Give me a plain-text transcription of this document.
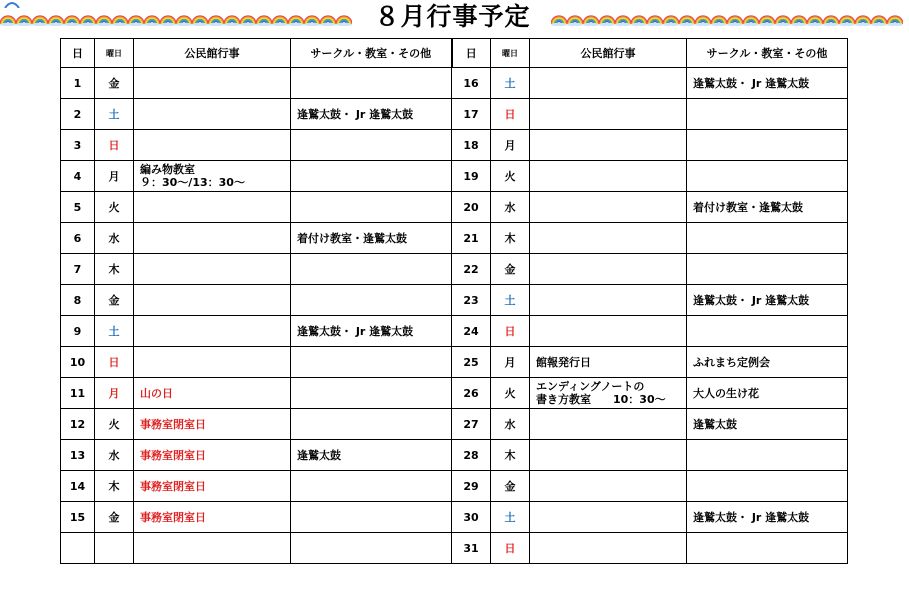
８月行事予定
日	曜日	公民館行事	サークル・教室・その他	日	曜日	公民館行事	サークル・教室・その他
1	金			16	土		逢鷲太鼓・ Jr 逢鷲太鼓
2	土		逢鷲太鼓・ Jr 逢鷲太鼓	17	日		
3	日			18	月		
4	月	編み物教室
９：30～/13：30～		19	火		
5	火			20	水		着付け教室・逢鷲太鼓
6	水		着付け教室・逢鷲太鼓	21	木		
7	木			22	金		
8	金			23	土		逢鷲太鼓・ Jr 逢鷲太鼓
9	土		逢鷲太鼓・ Jr 逢鷲太鼓	24	日		
10	日			25	月	館報発行日	ふれまち定例会
11	月	山の日		26	火	エンディングノートの
書き方教室　　10：30～	大人の生け花
12	火	事務室閉室日		27	水		逢鷲太鼓
13	水	事務室閉室日	逢鷲太鼓	28	木		
14	木	事務室閉室日		29	金		
15	金	事務室閉室日		30	土		逢鷲太鼓・ Jr 逢鷲太鼓
				31	日		
